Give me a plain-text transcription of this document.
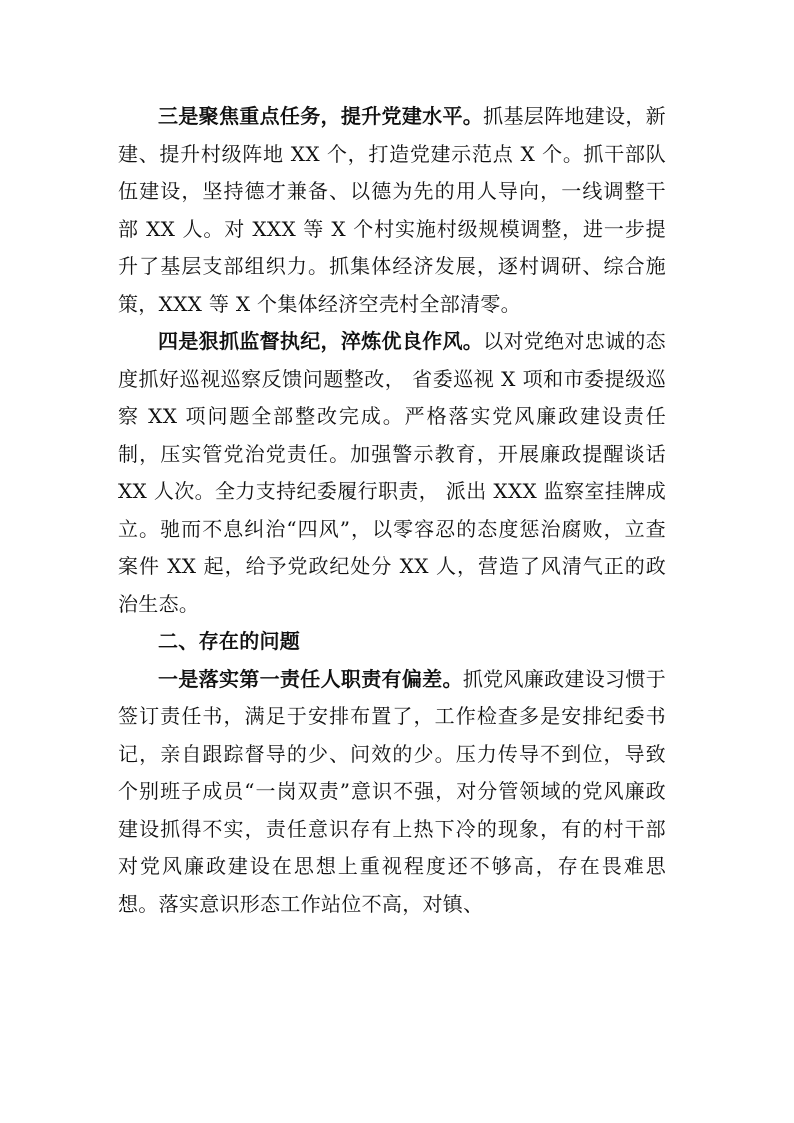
三是聚焦重点任务，提升党建水平。抓基层阵地建设，新建、提升村级阵地 XX 个，打造党建示范点 X 个。抓干部队伍建设，坚持德才兼备、以德为先的用人导向，一线调整干部 XX 人。对 XXX 等 X 个村实施村级规模调整，进一步提升了基层支部组织力。抓集体经济发展，逐村调研、综合施策，XXX 等 X 个集体经济空壳村全部清零。

四是狠抓监督执纪，淬炼优良作风。以对党绝对忠诚的态度抓好巡视巡察反馈问题整改， 省委巡视 X 项和市委提级巡察 XX 项问题全部整改完成。严格落实党风廉政建设责任制，压实管党治党责任。加强警示教育，开展廉政提醒谈话 XX 人次。全力支持纪委履行职责， 派出 XXX 监察室挂牌成立。驰而不息纠治“四风”，以零容忍的态度惩治腐败，立查案件 XX 起，给予党政纪处分 XX 人，营造了风清气正的政治生态。

二、存在的问题

一是落实第一责任人职责有偏差。抓党风廉政建设习惯于签订责任书，满足于安排布置了，工作检查多是安排纪委书记，亲自跟踪督导的少、问效的少。压力传导不到位，导致个别班子成员“一岗双责”意识不强，对分管领域的党风廉政建设抓得不实，责任意识存有上热下冷的现象，有的村干部对党风廉政建设在思想上重视程度还不够高，存在畏难思想。落实意识形态工作站位不高，对镇、
